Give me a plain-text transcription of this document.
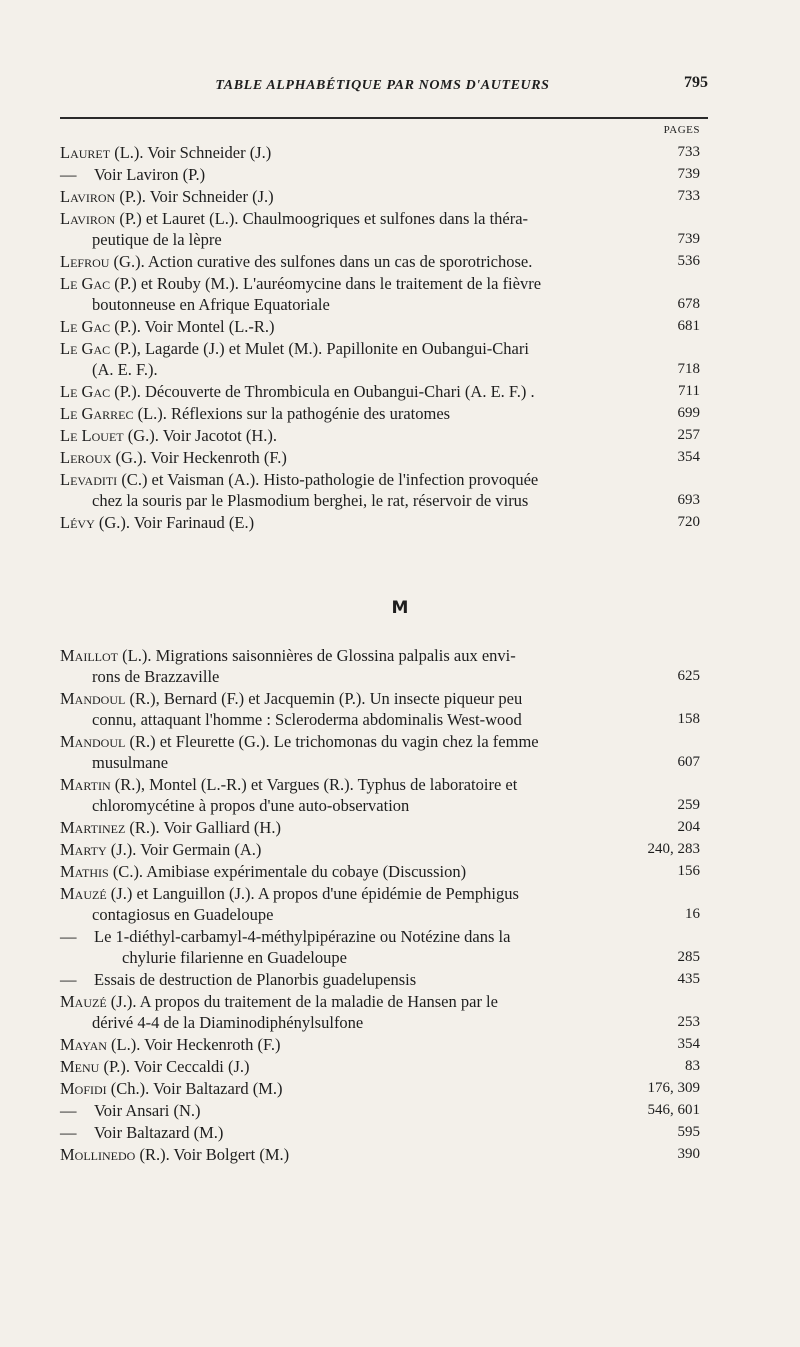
TABLE ALPHABÉTIQUE PAR NOMS D'AUTEURS	795
PAGES
Lauret (L.). Voir Schneider (J.)	733
— Voir Laviron (P.)	739
Laviron (P.). Voir Schneider (J.)	733
Laviron (P.) et Lauret (L.). Chaulmoogriques et sulfones dans la théra-
peutique de la lèpre	739
Lefrou (G.). Action curative des sulfones dans un cas de sporotrichose.	536
Le Gac (P.) et Rouby (M.). L'auréomycine dans le traitement de la fièvre
boutonneuse en Afrique Equatoriale	678
Le Gac (P.). Voir Montel (L.-R.)	681
Le Gac (P.), Lagarde (J.) et Mulet (M.). Papillonite en Oubangui-Chari
(A. E. F.).	718
Le Gac (P.). Découverte de Thrombicula en Oubangui-Chari (A. E. F.) .	711
Le Garrec (L.). Réflexions sur la pathogénie des uratomes	699
Le Louet (G.). Voir Jacotot (H.).	257
Leroux (G.). Voir Heckenroth (F.)	354
Levaditi (C.) et Vaisman (A.). Histo-pathologie de l'infection provoquée
chez la souris par le Plasmodium berghei, le rat, réservoir de virus	693
Lévy (G.). Voir Farinaud (E.)	720
M
Maillot (L.). Migrations saisonnières de Glossina palpalis aux envi-
rons de Brazzaville	625
Mandoul (R.), Bernard (F.) et Jacquemin (P.). Un insecte piqueur peu
connu, attaquant l'homme : Scleroderma abdominalis West-wood	158
Mandoul (R.) et Fleurette (G.). Le trichomonas du vagin chez la femme
musulmane	607
Martin (R.), Montel (L.-R.) et Vargues (R.). Typhus de laboratoire et
chloromycétine à propos d'une auto-observation	259
Martinez (R.). Voir Galliard (H.)	204
Marty (J.). Voir Germain (A.)	240, 283
Mathis (C.). Amibiase expérimentale du cobaye (Discussion)	156
Mauzé (J.) et Languillon (J.). A propos d'une épidémie de Pemphigus
contagiosus en Guadeloupe	16
— Le 1-diéthyl-carbamyl-4-méthylpipérazine ou Notézine dans la
chylurie filarienne en Guadeloupe	285
— Essais de destruction de Planorbis guadelupensis	435
Mauzé (J.). A propos du traitement de la maladie de Hansen par le
dérivé 4-4 de la Diaminodiphénylsulfone	253
Mayan (L.). Voir Heckenroth (F.)	354
Menu (P.). Voir Ceccaldi (J.)	83
Mofidi (Ch.). Voir Baltazard (M.)	176, 309
— Voir Ansari (N.)	546, 601
— Voir Baltazard (M.)	595
Mollinedo (R.). Voir Bolgert (M.)	390
